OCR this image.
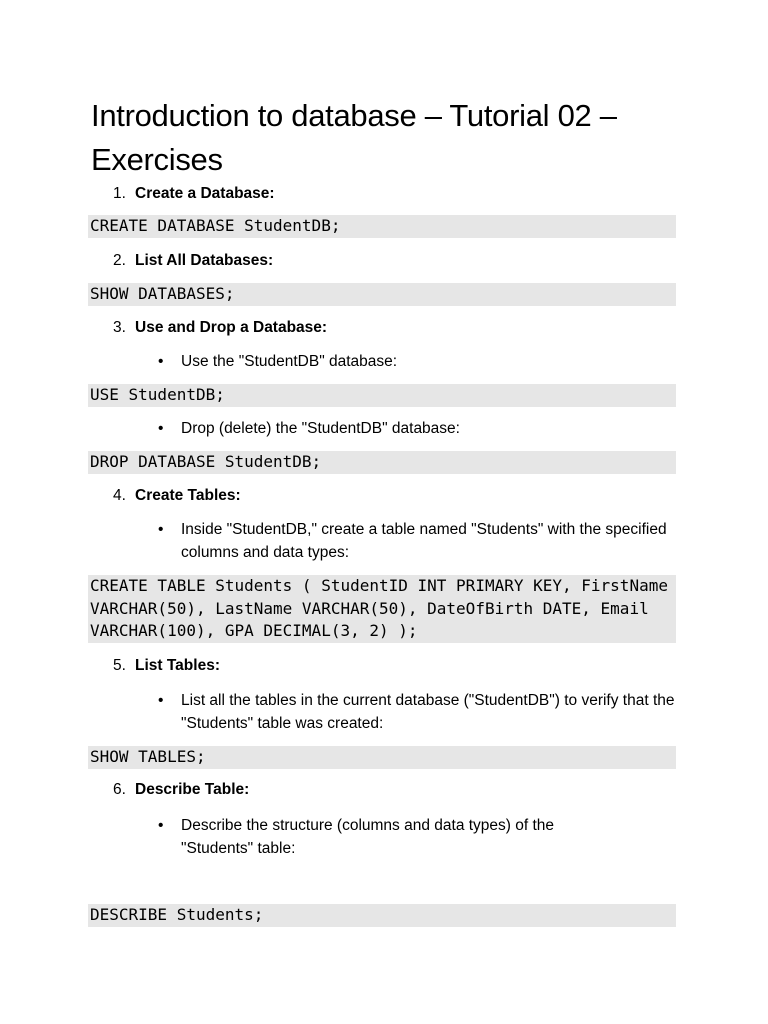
Introduction to database – Tutorial 02 – Exercises
1. Create a Database:
CREATE DATABASE StudentDB;
2. List All Databases:
SHOW DATABASES;
3. Use and Drop a Database:
•	Use the "StudentDB" database:
USE StudentDB;
•	Drop (delete) the "StudentDB" database:
DROP DATABASE StudentDB;
4. Create Tables:
•	Inside "StudentDB," create a table named "Students" with the specified columns and data types:
CREATE TABLE Students ( StudentID INT PRIMARY KEY, FirstName VARCHAR(50), LastName VARCHAR(50), DateOfBirth DATE, Email VARCHAR(100), GPA DECIMAL(3, 2) );
5. List Tables:
•	List all the tables in the current database ("StudentDB") to verify that the "Students" table was created:
SHOW TABLES;
6. Describe Table:
•	Describe the structure (columns and data types) of the "Students" table:
DESCRIBE Students;
